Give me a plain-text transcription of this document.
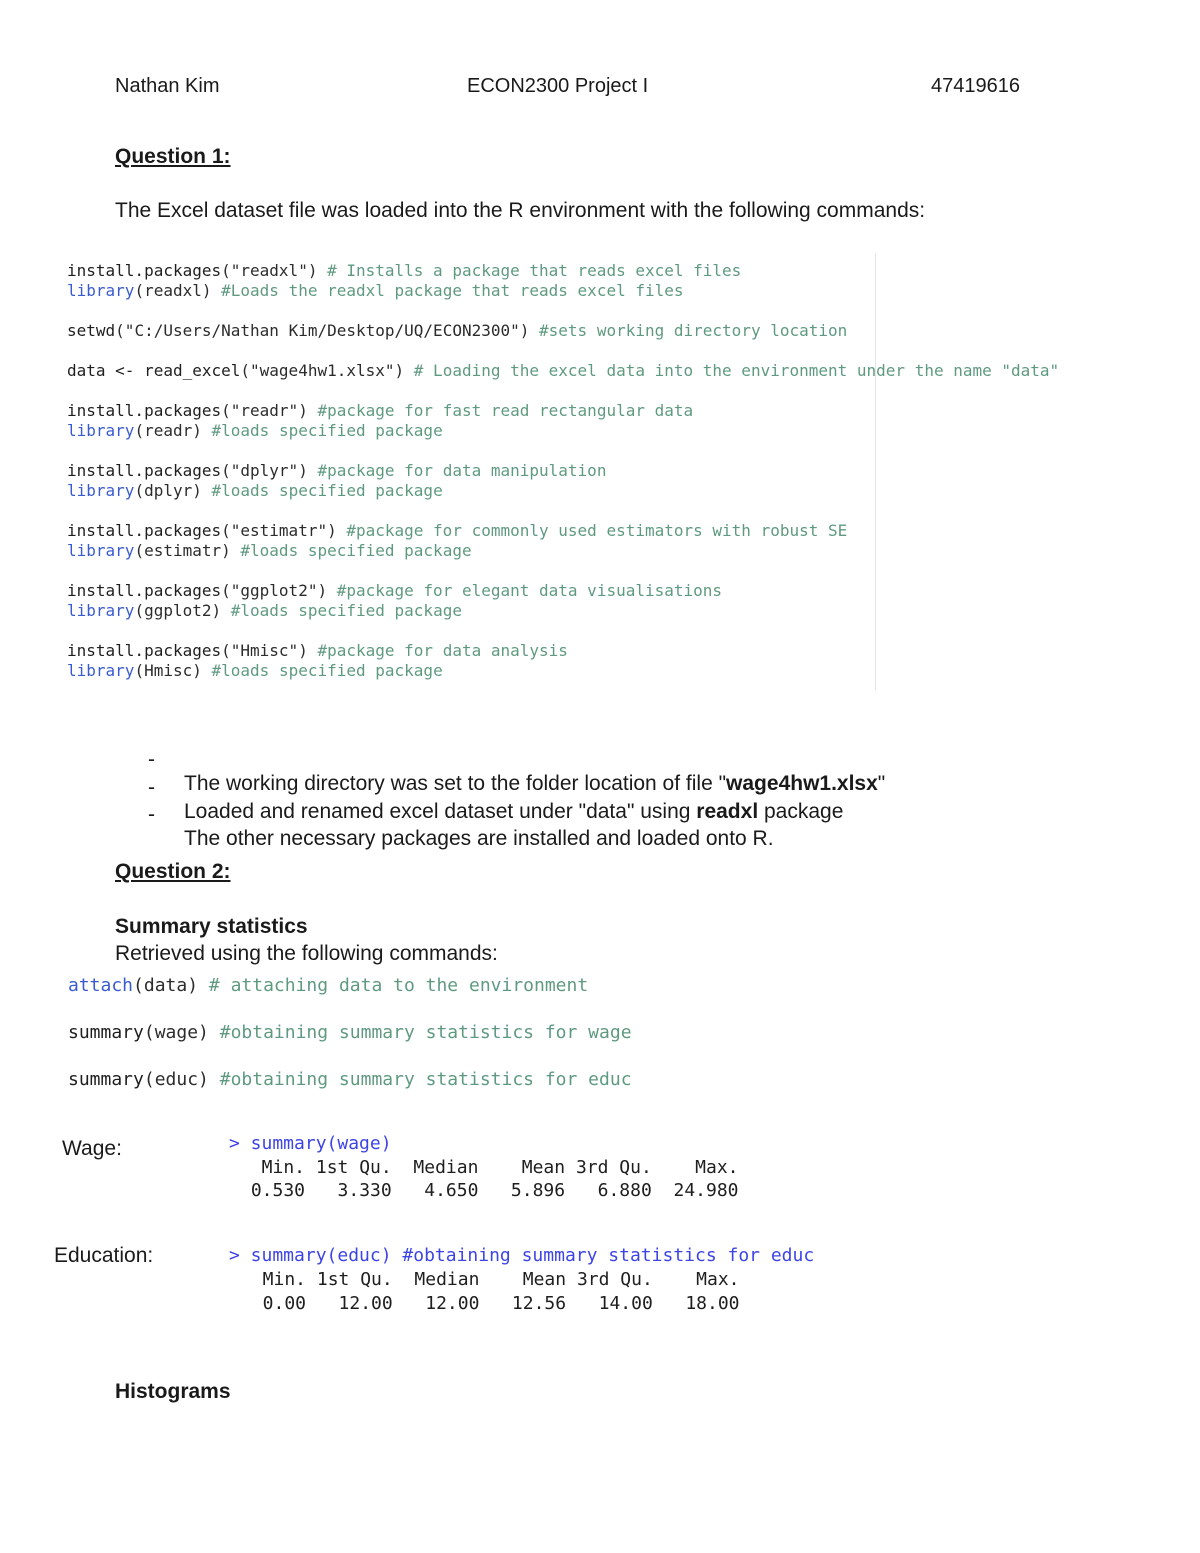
Nathan Kim	ECON2300 Project I	47419616
Question 1:
The Excel dataset file was loaded into the R environment with the following commands:
install.packages("readxl") # Installs a package that reads excel files
library(readxl) #Loads the readxl package that reads excel files
setwd("C:/Users/Nathan Kim/Desktop/UQ/ECON2300") #sets working directory location
data <- read_excel("wage4hw1.xlsx") # Loading the excel data into the environment under the name "data"
install.packages("readr") #package for fast read rectangular data
library(readr) #loads specified package
install.packages("dplyr") #package for data manipulation
library(dplyr) #loads specified package
install.packages("estimatr") #package for commonly used estimators with robust SE
library(estimatr) #loads specified package
install.packages("ggplot2") #package for elegant data visualisations
library(ggplot2) #loads specified package
install.packages("Hmisc") #package for data analysis
library(Hmisc) #loads specified package

-

The working directory was set to the folder location of file "wage4hw1.xlsx"

-

Loaded and renamed excel dataset under "data" using readxl package

-

The other necessary packages are installed and loaded onto R.

Question 2:
Summary statistics
Retrieved using the following commands:
attach(data) # attaching data to the environment
summary(wage) #obtaining summary statistics for wage
summary(educ) #obtaining summary statistics for educ
Wage:	> summary(wage)
Min. 1st Qu.  Median    Mean 3rd Qu.    Max.
0.530   3.330   4.650   5.896   6.880  24.980
Education:	> summary(educ) #obtaining summary statistics for educ
Min. 1st Qu.  Median    Mean 3rd Qu.    Max.
0.00   12.00   12.00   12.56   14.00   18.00
Histograms
